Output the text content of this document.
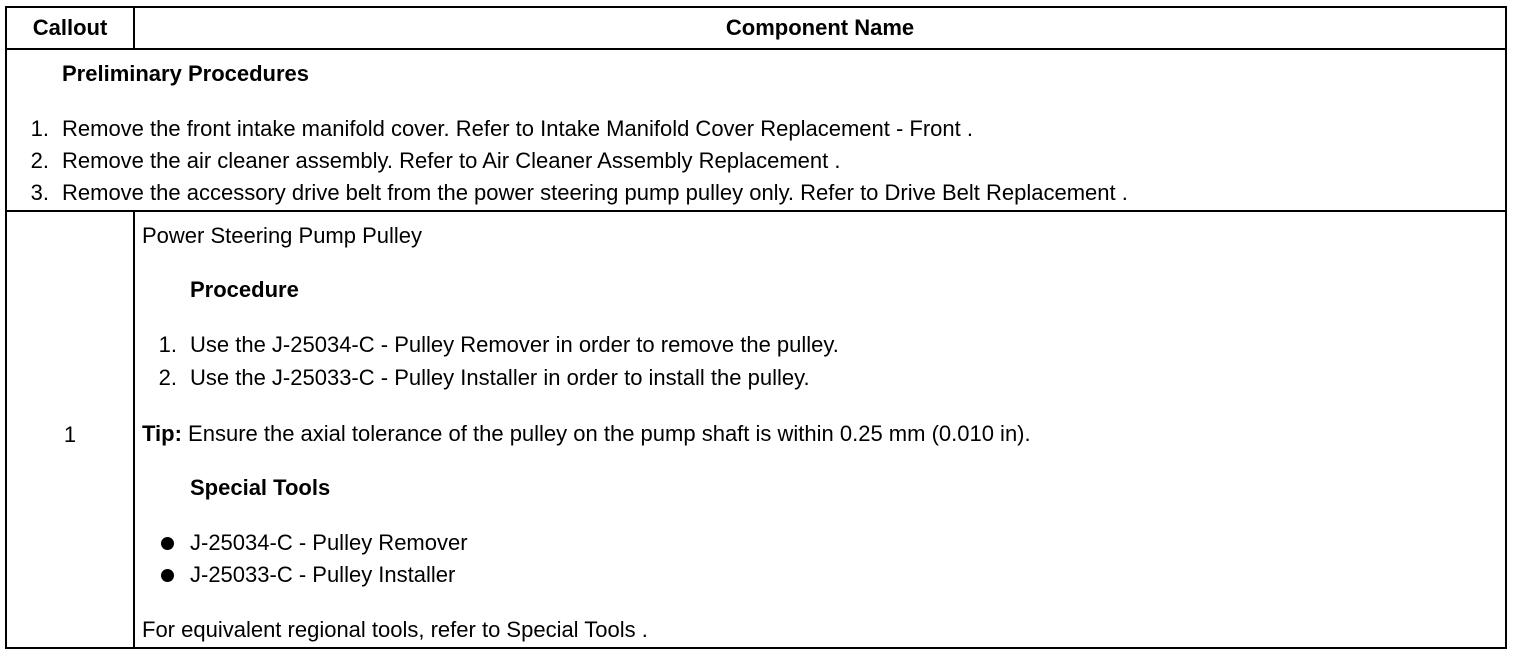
Callout	Component Name
Preliminary Procedures
1. Remove the front intake manifold cover. Refer to Intake Manifold Cover Replacement - Front .
2. Remove the air cleaner assembly. Refer to Air Cleaner Assembly Replacement .
3. Remove the accessory drive belt from the power steering pump pulley only. Refer to Drive Belt Replacement .
1
Power Steering Pump Pulley
Procedure
1. Use the J-25034-C - Pulley Remover in order to remove the pulley.
2. Use the J-25033-C - Pulley Installer in order to install the pulley.
Tip: Ensure the axial tolerance of the pulley on the pump shaft is within 0.25 mm (0.010 in).
Special Tools
J-25034-C - Pulley Remover
J-25033-C - Pulley Installer
For equivalent regional tools, refer to Special Tools .
